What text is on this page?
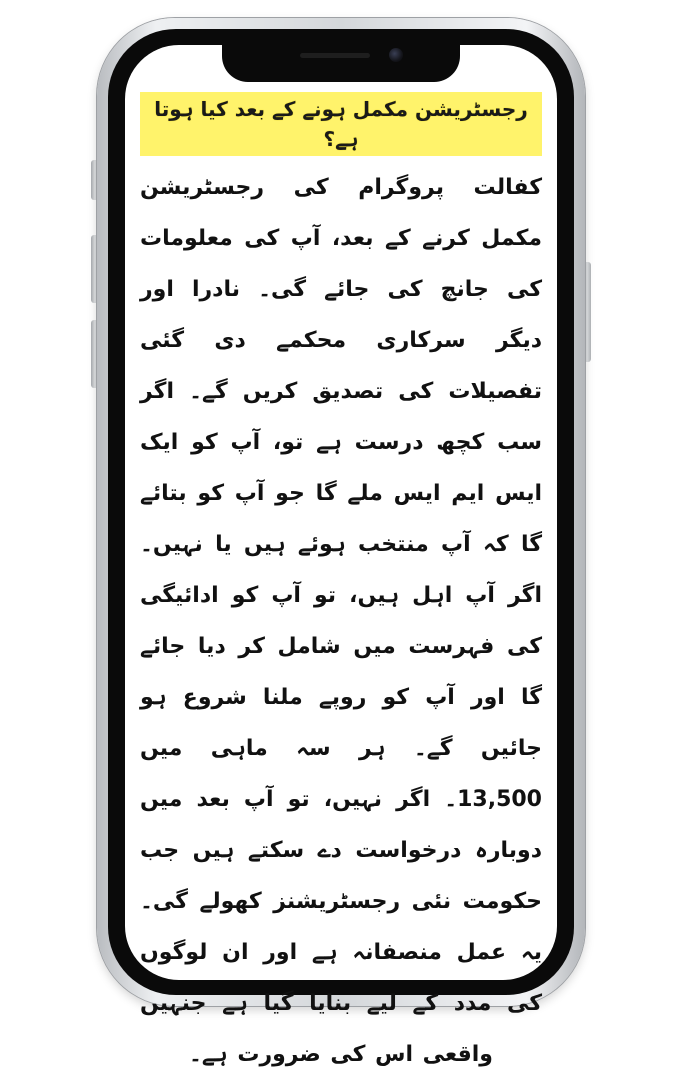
رجسٹریشن مکمل ہونے کے بعد کیا ہوتا ہے؟

کفالت پروگرام کی رجسٹریشن مکمل کرنے کے بعد، آپ کی معلومات کی جانچ کی جائے گی۔ نادرا اور دیگر سرکاری محکمے دی گئی تفصیلات کی تصدیق کریں گے۔ اگر سب کچھ درست ہے تو، آپ کو ایک ایس ایم ایس ملے گا جو آپ کو بتائے گا کہ آپ منتخب ہوئے ہیں یا نہیں۔ اگر آپ اہل ہیں، تو آپ کو ادائیگی کی فہرست میں شامل کر دیا جائے گا اور آپ کو روپے ملنا شروع ہو جائیں گے۔ ہر سہ ماہی میں 13,500۔ اگر نہیں، تو آپ بعد میں دوبارہ درخواست دے سکتے ہیں جب حکومت نئی رجسٹریشنز کھولے گی۔ یہ عمل منصفانہ ہے اور ان لوگوں کی مدد کے لیے بنایا گیا ہے جنہیں واقعی اس کی ضرورت ہے۔
